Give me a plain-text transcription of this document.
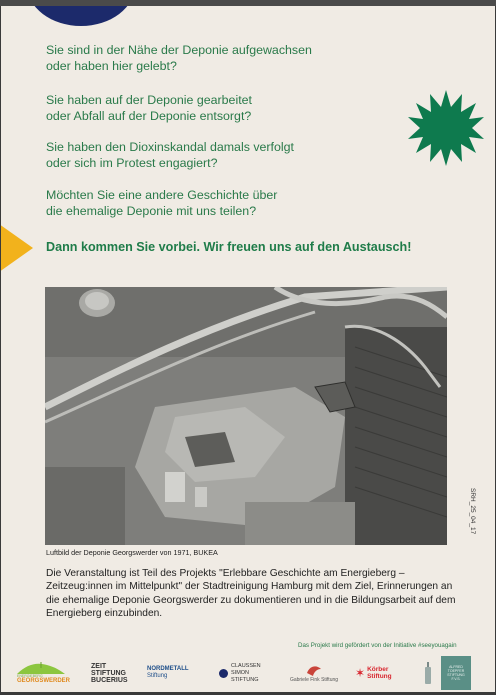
Sie sind in der Nähe der Deponie aufgewachsen
oder haben hier gelebt?

Sie haben auf der Deponie gearbeitet
oder Abfall auf der Deponie entsorgt?

Sie haben den Dioxinskandal damals verfolgt
oder sich im Protest engagiert?

Möchten Sie eine andere Geschichte über
die ehemalige Deponie mit uns teilen?

Dann kommen Sie vorbei. Wir freuen uns auf den Austausch!
Luftbild der Deponie Georgswerder von 1971, BUKEA
SRH_25_04_17

Die Veranstaltung ist Teil des Projekts "Erlebbare Geschichte am Energieberg – Zeitzeug:innen im Mittelpunkt" der Stadtreinigung Hamburg mit dem Ziel, Erinnerungen an die ehemalige Deponie Georgswerder zu dokumentieren und in die Bildungsarbeit auf dem Energieberg einzubinden.

Das Projekt wird gefördert von der Initiative #seeyouagain
ENERGIEBERG
GEORGSWERDER
ZEIT
STIFTUNG
BUCERIUS
NORDMETALL
Stiftung
CLAUSSEN
SIMON
STIFTUNG	Gabriele Fink Stiftung ✶ Körber
Stiftung
ALFRED
TOEPFER
STIFTUNG
F.V.S.
